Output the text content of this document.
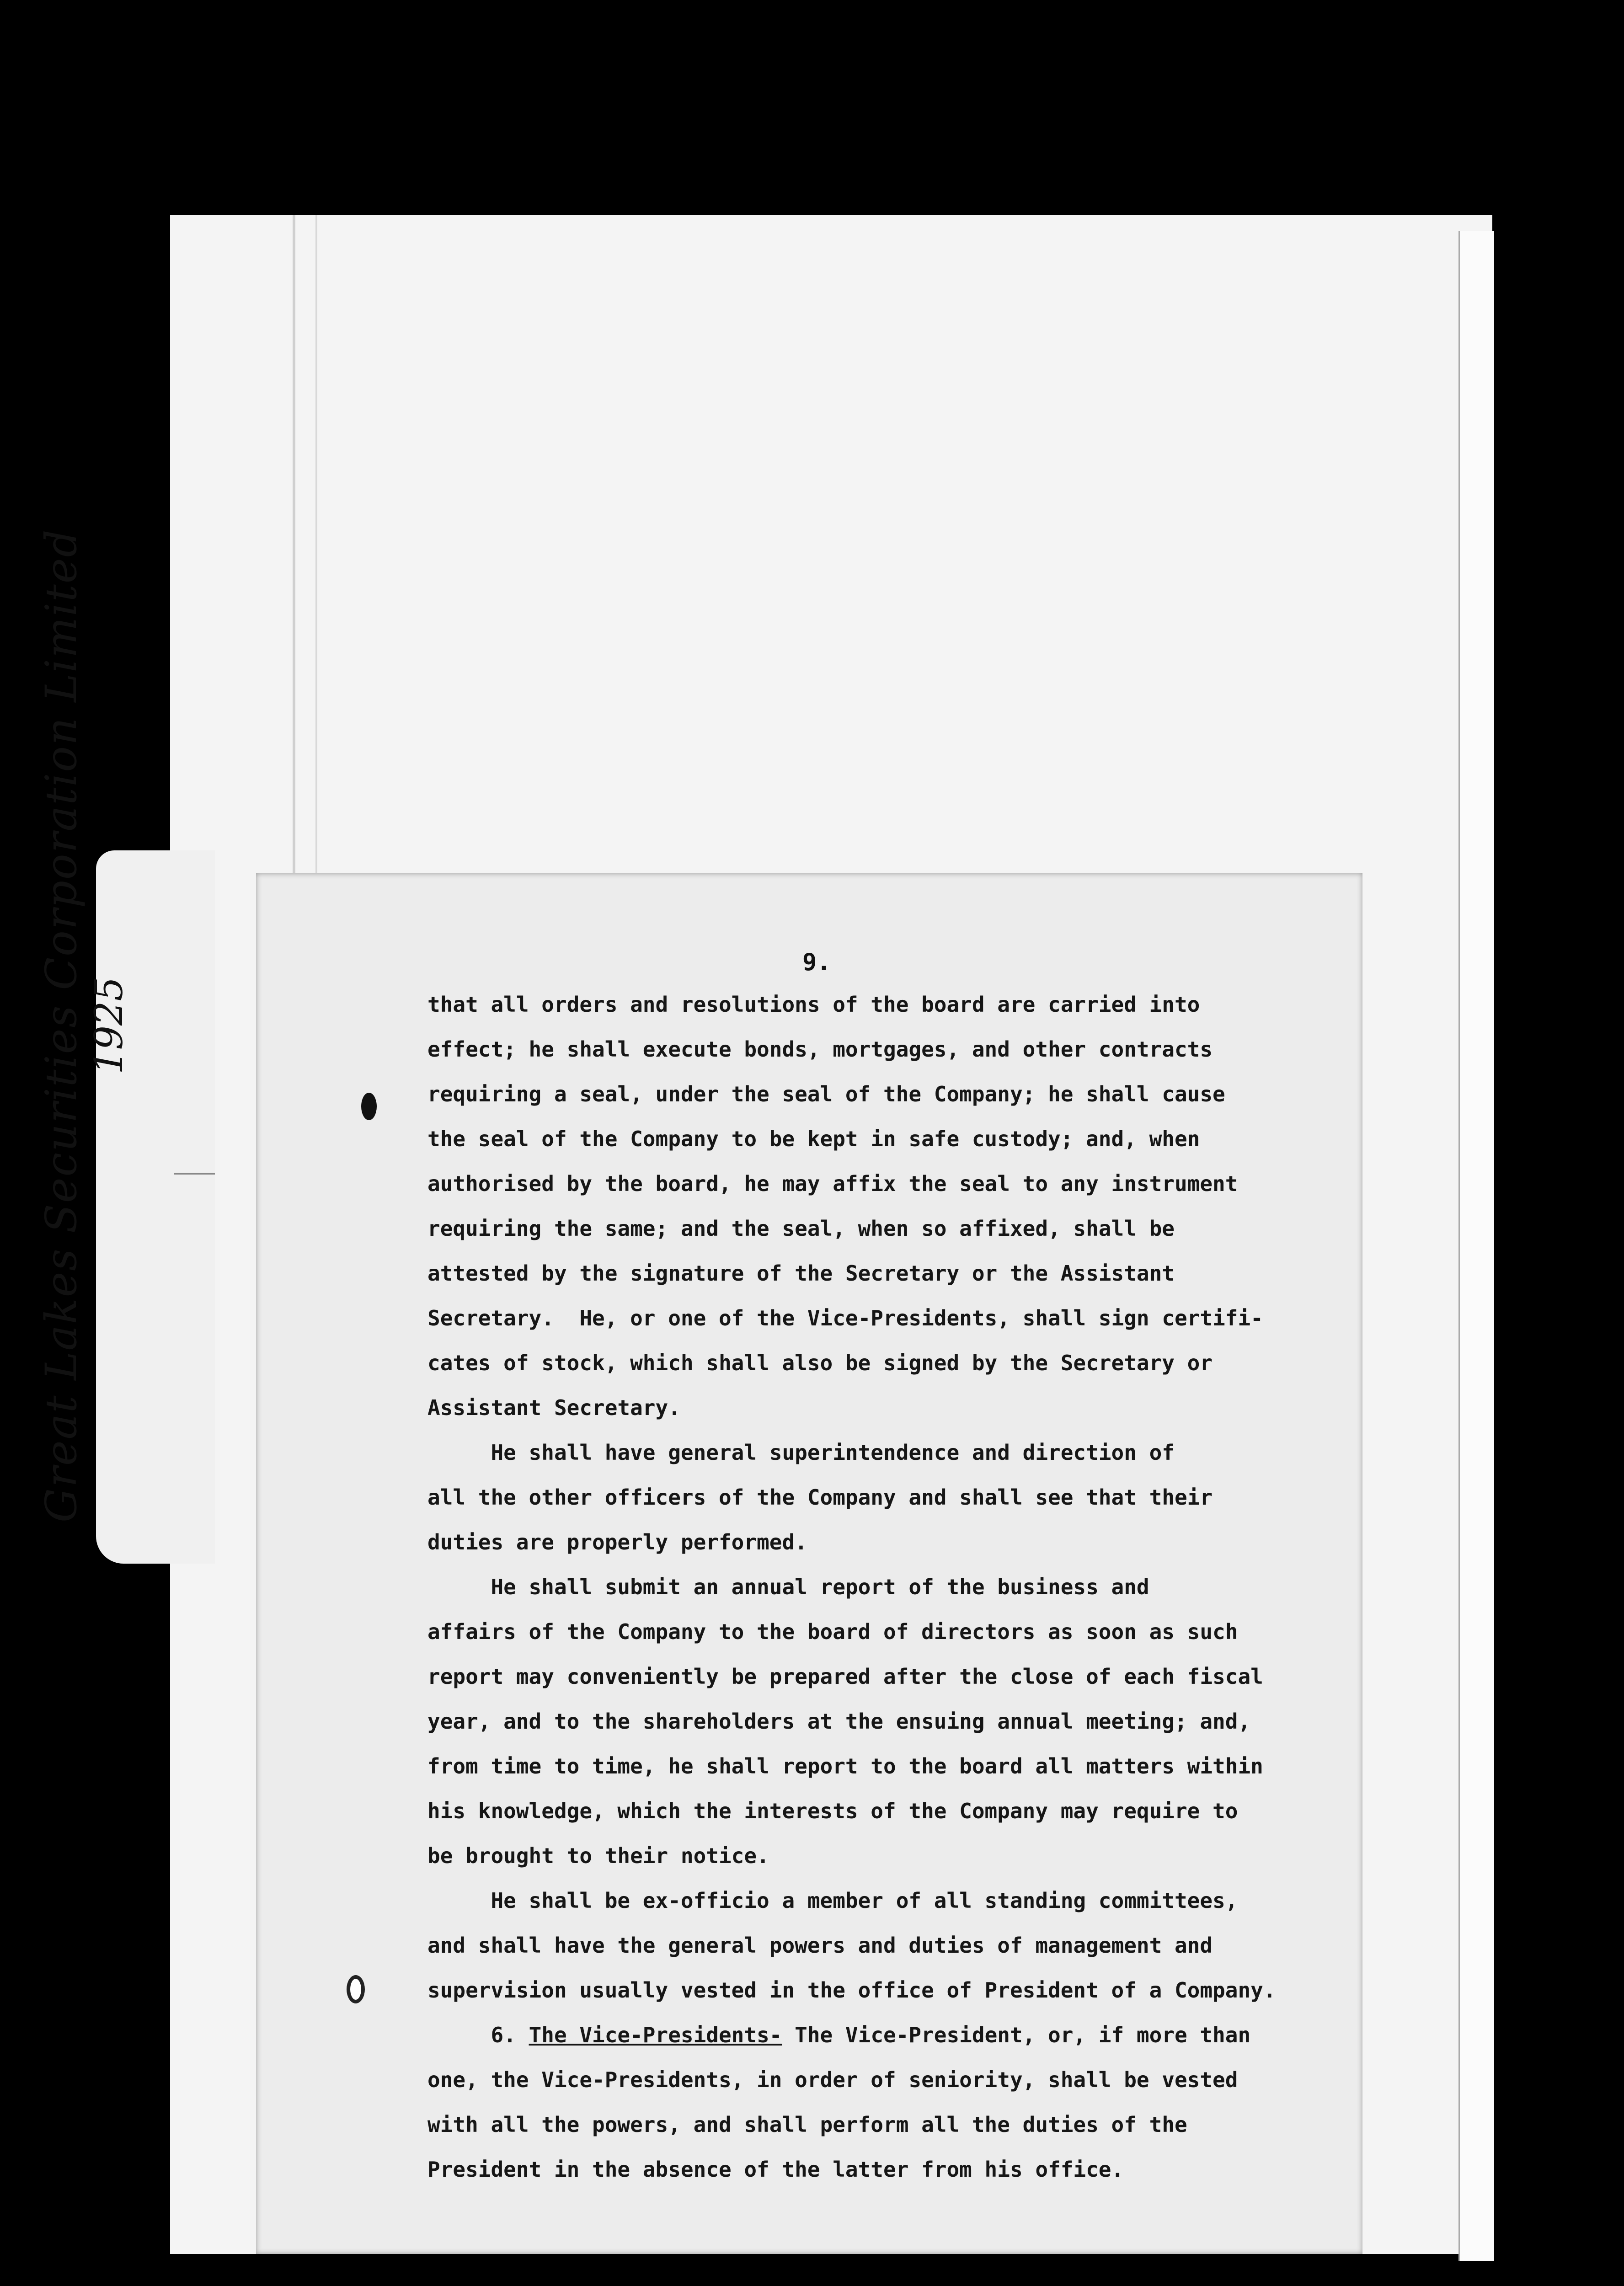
Great Lakes Securities Corporation Limited 1925
9.
that all orders and resolutions of the board are carried into
effect; he shall execute bonds, mortgages, and other contracts
requiring a seal, under the seal of the Company; he shall cause
the seal of the Company to be kept in safe custody; and, when
authorised by the board, he may affix the seal to any instrument
requiring the same; and the seal, when so affixed, shall be
attested by the signature of the Secretary or the Assistant
Secretary.  He, or one of the Vice-Presidents, shall sign certifi-
cates of stock, which shall also be signed by the Secretary or
Assistant Secretary.
He shall have general superintendence and direction of
all the other officers of the Company and shall see that their
duties are properly performed.
He shall submit an annual report of the business and
affairs of the Company to the board of directors as soon as such
report may conveniently be prepared after the close of each fiscal
year, and to the shareholders at the ensuing annual meeting; and,
from time to time, he shall report to the board all matters within
his knowledge, which the interests of the Company may require to
be brought to their notice.
He shall be ex-officio a member of all standing committees,
and shall have the general powers and duties of management and
supervision usually vested in the office of President of a Company.
6. The Vice-Presidents- The Vice-President, or, if more than
one, the Vice-Presidents, in order of seniority, shall be vested
with all the powers, and shall perform all the duties of the
President in the absence of the latter from his office.
